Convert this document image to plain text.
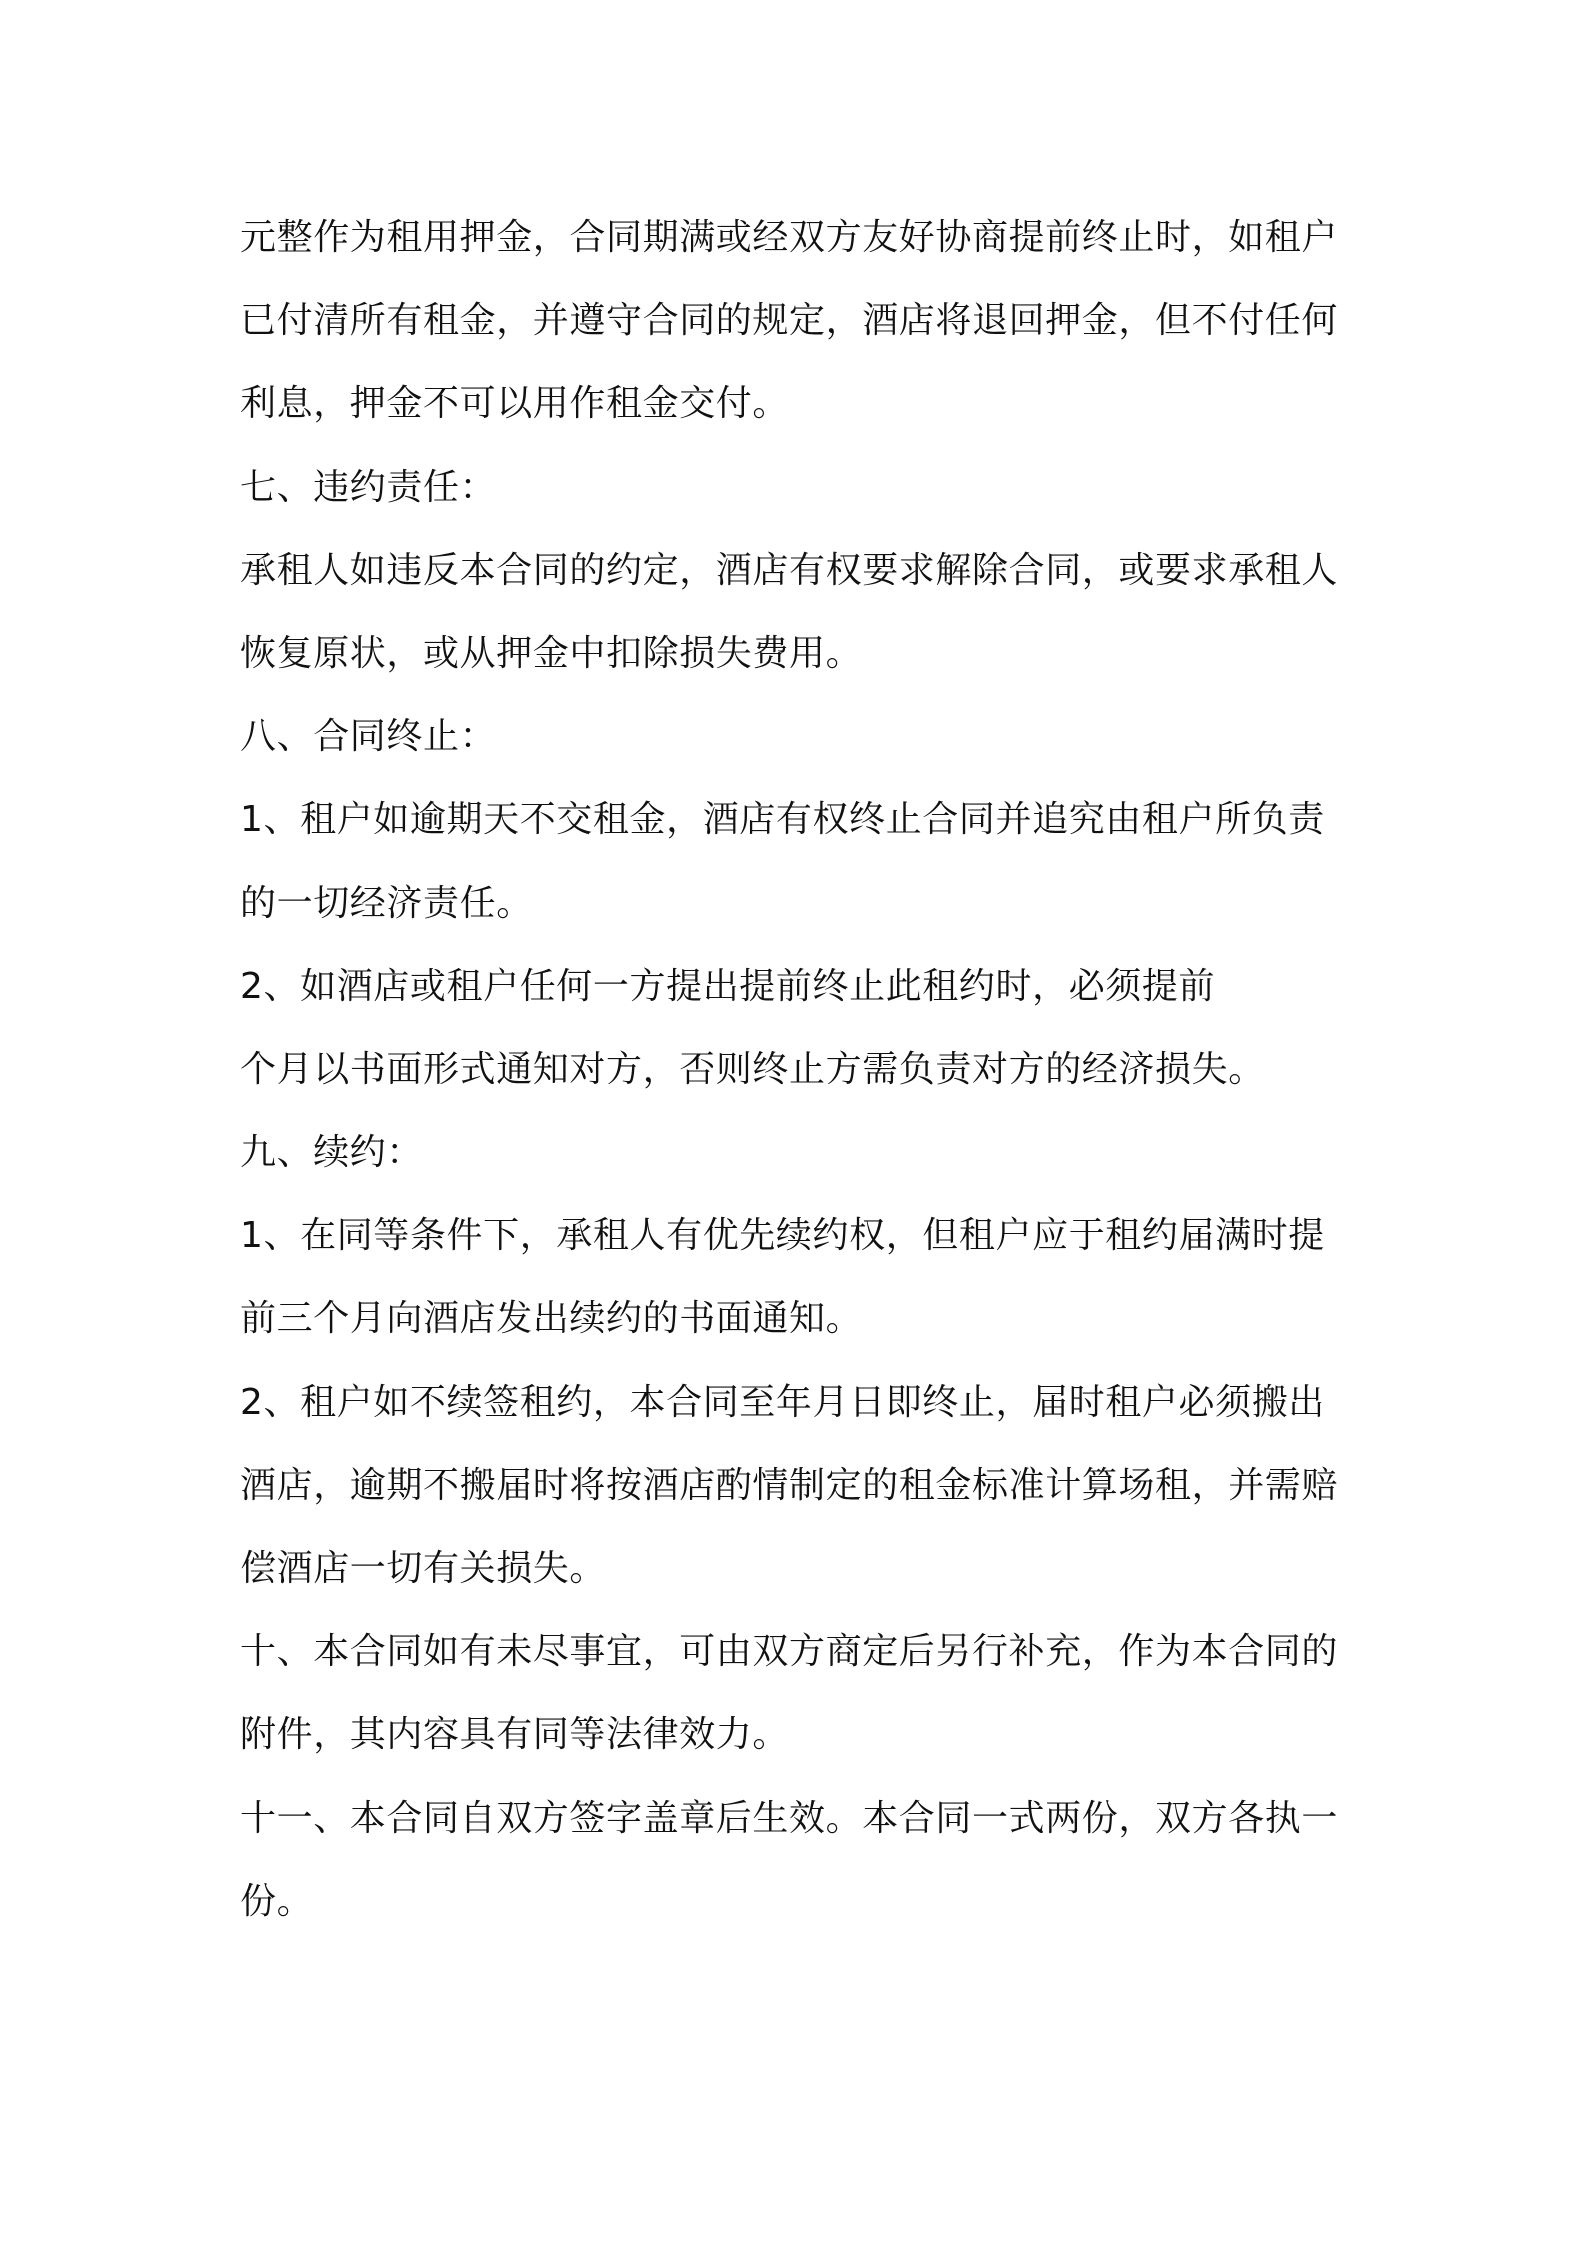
元整作为租用押金，合同期满或经双方友好协商提前终止时，如租户
已付清所有租金，并遵守合同的规定，酒店将退回押金，但不付任何
利息，押金不可以用作租金交付。
七、违约责任：
承租人如违反本合同的约定，酒店有权要求解除合同，或要求承租人
恢复原状，或从押金中扣除损失费用。
八、合同终止：
1、租户如逾期天不交租金，酒店有权终止合同并追究由租户所负责
的一切经济责任。
2、如酒店或租户任何一方提出提前终止此租约时，必须提前
个月以书面形式通知对方，否则终止方需负责对方的经济损失。
九、续约：
1、在同等条件下，承租人有优先续约权，但租户应于租约届满时提
前三个月向酒店发出续约的书面通知。
2、租户如不续签租约，本合同至年月日即终止，届时租户必须搬出
酒店，逾期不搬届时将按酒店酌情制定的租金标准计算场租，并需赔
偿酒店一切有关损失。
十、本合同如有未尽事宜，可由双方商定后另行补充，作为本合同的
附件，其内容具有同等法律效力。
十一、本合同自双方签字盖章后生效。本合同一式两份，双方各执一
份。
